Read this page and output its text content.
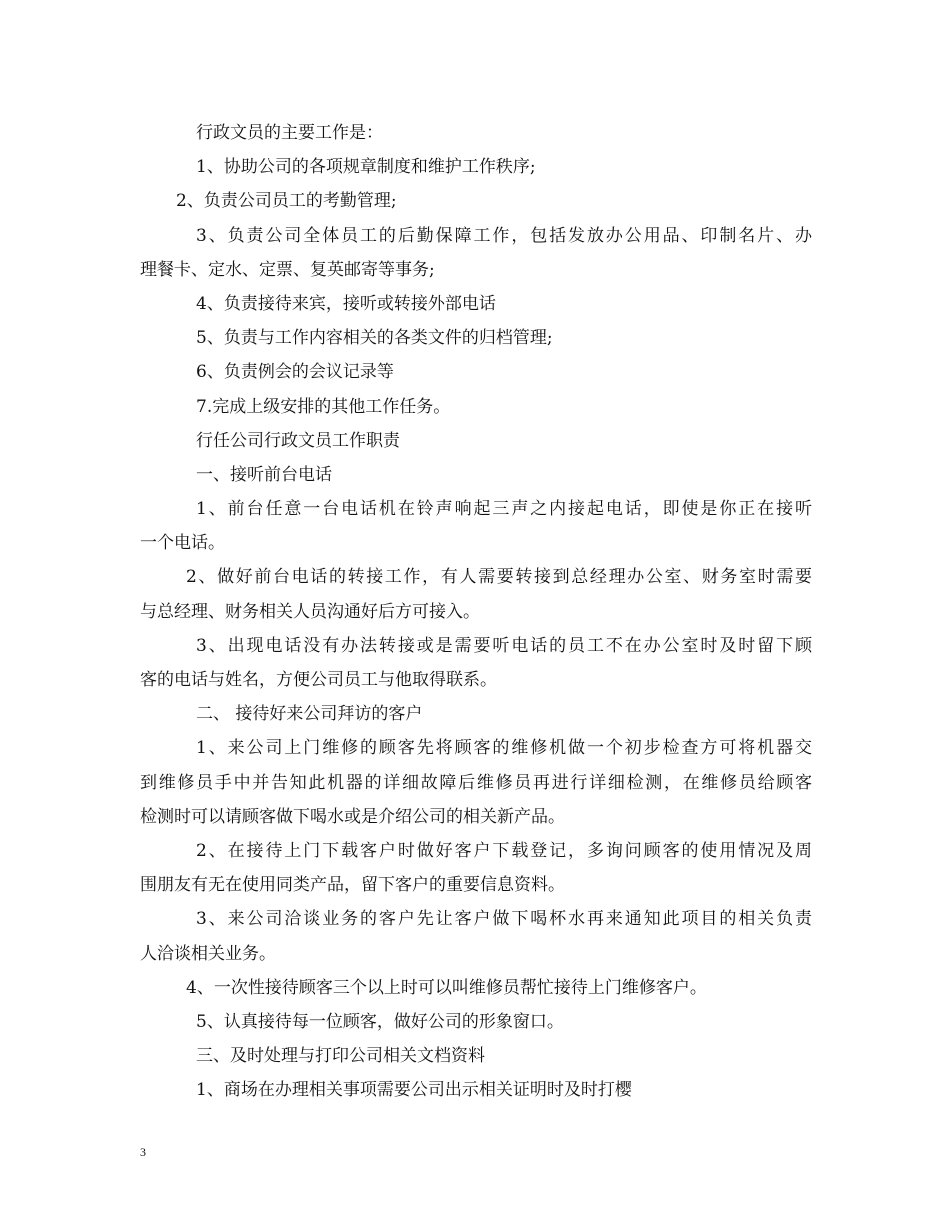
行政文员的主要工作是：
1、协助公司的各项规章制度和维护工作秩序;
2、负责公司员工的考勤管理;
3、负责公司全体员工的后勤保障工作，包括发放办公用品、印制名片、办
理餐卡、定水、定票、复英邮寄等事务;
4、负责接待来宾，接听或转接外部电话
5、负责与工作内容相关的各类文件的归档管理;
6、负责例会的会议记录等
7.完成上级安排的其他工作任务。
行任公司行政文员工作职责
一、接听前台电话
1、前台任意一台电话机在铃声响起三声之内接起电话，即使是你正在接听
一个电话。
2、做好前台电话的转接工作，有人需要转接到总经理办公室、财务室时需要
与总经理、财务相关人员沟通好后方可接入。
3、出现电话没有办法转接或是需要听电话的员工不在办公室时及时留下顾
客的电话与姓名，方便公司员工与他取得联系。
二、 接待好来公司拜访的客户
1、来公司上门维修的顾客先将顾客的维修机做一个初步检查方可将机器交
到维修员手中并告知此机器的详细故障后维修员再进行详细检测，在维修员给顾客
检测时可以请顾客做下喝水或是介绍公司的相关新产品。
2、在接待上门下载客户时做好客户下载登记，多询问顾客的使用情况及周
围朋友有无在使用同类产品，留下客户的重要信息资料。
3、来公司洽谈业务的客户先让客户做下喝杯水再来通知此项目的相关负责
人洽谈相关业务。
4、一次性接待顾客三个以上时可以叫维修员帮忙接待上门维修客户。
5、认真接待每一位顾客，做好公司的形象窗口。
三、及时处理与打印公司相关文档资料
1、商场在办理相关事项需要公司出示相关证明时及时打樱
3
